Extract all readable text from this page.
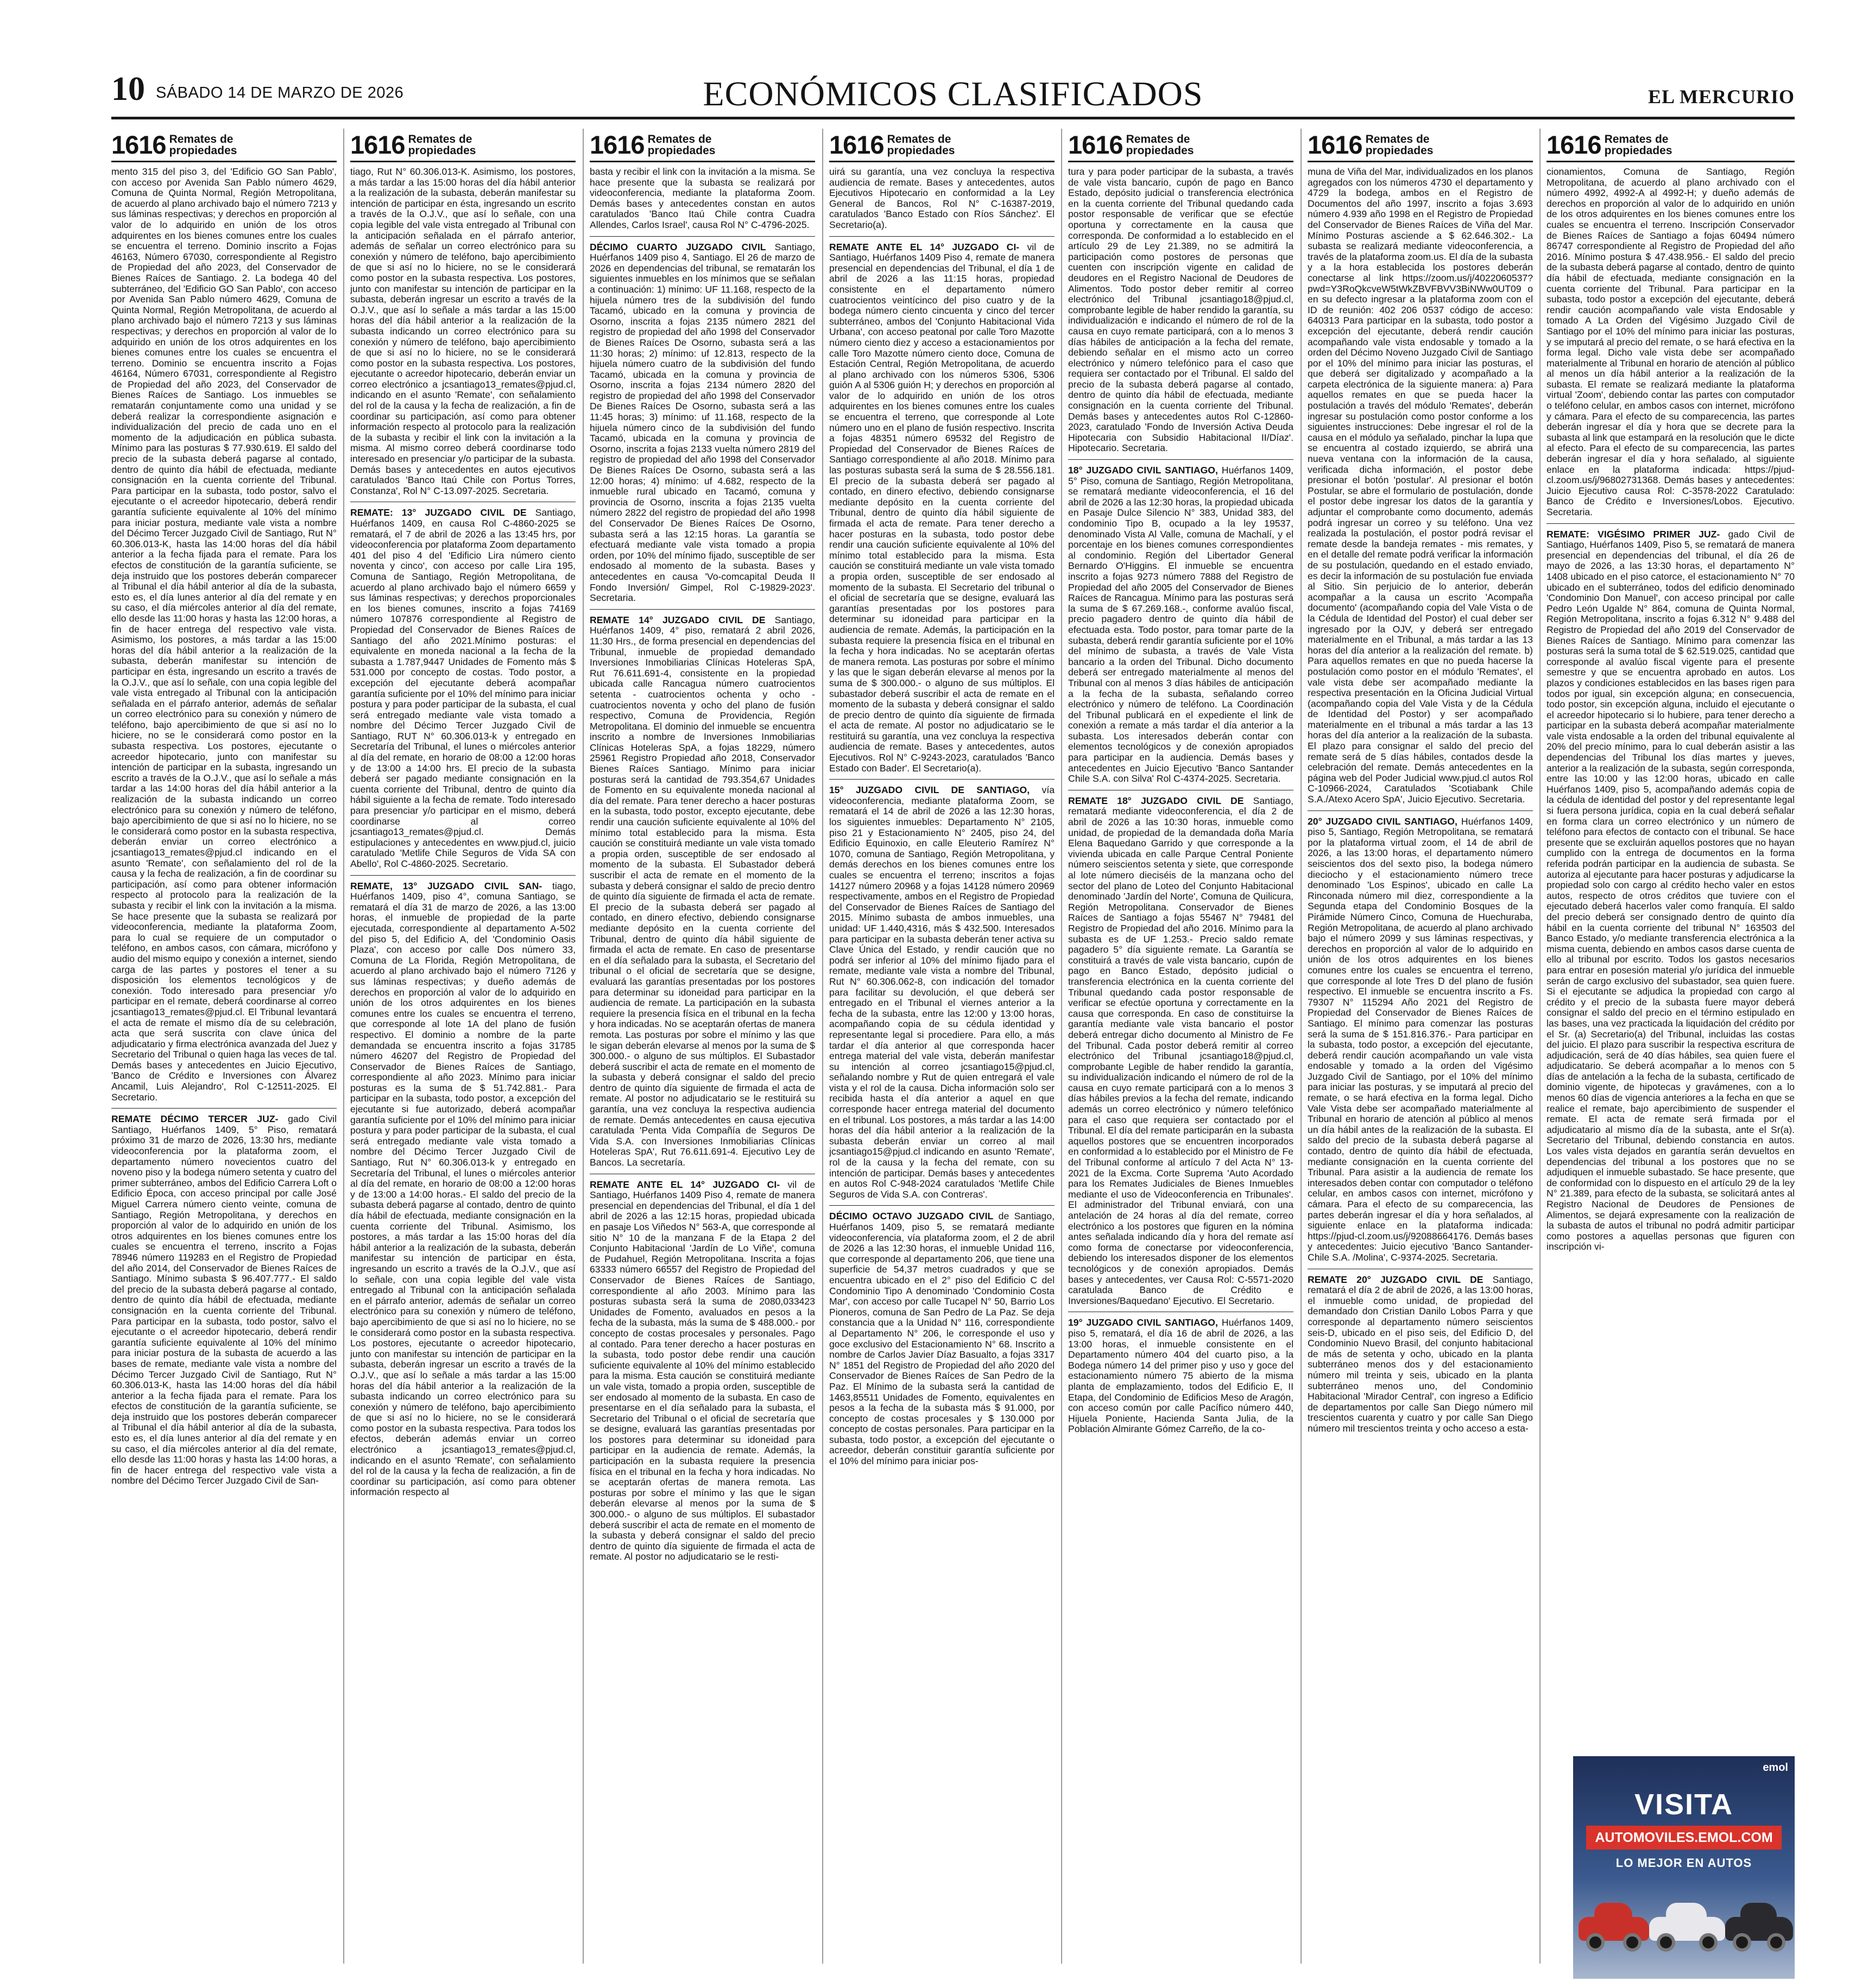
10 SÁBADO 14 DE MARZO DE 2026	ECONÓMICOS CLASIFICADOS	EL MERCURIO
1616 Remates de propiedades

mento 315 del piso 3, del 'Edificio GO San Pablo', con acceso por Avenida San Pablo número 4629, Comuna de Quinta Normal, Región Metropolitana, de acuerdo al plano archivado bajo el número 7213 y sus láminas respectivas; y derechos en proporción al valor de lo adquirido en unión de los otros adquirentes en los bienes comunes entre los cuales se encuentra el terreno. Dominio inscrito a Fojas 46163, Número 67030, correspondiente al Registro de Propiedad del año 2023, del Conservador de Bienes Raíces de Santiago. 2. La bodega 40 del subterráneo, del 'Edificio GO San Pablo', con acceso por Avenida San Pablo número 4629, Comuna de Quinta Normal, Región Metropolitana, de acuerdo al plano archivado bajo el número 7213 y sus láminas respectivas; y derechos en proporción al valor de lo adquirido en unión de los otros adquirentes en los bienes comunes entre los cuales se encuentra el terreno. Dominio se encuentra inscrito a Fojas 46164, Número 67031, correspondiente al Registro de Propiedad del año 2023, del Conservador de Bienes Raíces de Santiago. Los inmuebles se rematarán conjuntamente como una unidad y se deberá realizar la correspondiente asignación e individualización del precio de cada uno en el momento de la adjudicación en pública subasta. Mínimo para las posturas $ 77.930.619. El saldo del precio de la subasta deberá pagarse al contado, dentro de quinto día hábil de efectuada, mediante consignación en la cuenta corriente del Tribunal. Para participar en la subasta, todo postor, salvo el ejecutante o el acreedor hipotecario, deberá rendir garantía suficiente equivalente al 10% del mínimo para iniciar postura, mediante vale vista a nombre del Décimo Tercer Juzgado Civil de Santiago, Rut N° 60.306.013-K, hasta las 14:00 horas del día hábil anterior a la fecha fijada para el remate. Para los efectos de constitución de la garantía suficiente, se deja instruido que los postores deberán comparecer al Tribunal el día hábil anterior al día de la subasta, esto es, el día lunes anterior al día del remate y en su caso, el día miércoles anterior al día del remate, ello desde las 11:00 horas y hasta las 12:00 horas, a fin de hacer entrega del respectivo vale vista. Asimismo, los postores, a más tardar a las 15:00 horas del día hábil anterior a la realización de la subasta, deberán manifestar su intención de participar en ésta, ingresando un escrito a través de la O.J.V., que así lo señale, con una copia legible del vale vista entregado al Tribunal con la anticipación señalada en el párrafo anterior, además de señalar un correo electrónico para su conexión y número de teléfono, bajo apercibimiento de que si así no lo hiciere, no se le considerará como postor en la subasta respectiva. Los postores, ejecutante o acreedor hipotecario, junto con manifestar su intención de participar en la subasta, ingresando un escrito a través de la O.J.V., que así lo señale a más tardar a las 14:00 horas del día hábil anterior a la realización de la subasta indicando un correo electrónico para su conexión y número de teléfono, bajo apercibimiento de que si así no lo hiciere, no se le considerará como postor en la subasta respectiva, deberán enviar un correo electrónico a jcsantiago13_remates@pjud.cl indicando en el asunto 'Remate', con señalamiento del rol de la causa y la fecha de realización, a fin de coordinar su participación, así como para obtener información respecto al protocolo para la realización de la subasta y recibir el link con la invitación a la misma. Se hace presente que la subasta se realizará por videoconferencia, mediante la plataforma Zoom, para lo cual se requiere de un computador o teléfono, en ambos casos, con cámara, micrófono y audio del mismo equipo y conexión a internet, siendo carga de las partes y postores el tener a su disposición los elementos tecnológicos y de conexión. Todo interesado para presenciar y/o participar en el remate, deberá coordinarse al correo jcsantiago13_remates@pjud.cl. El Tribunal levantará el acta de remate el mismo día de su celebración, acta que será suscrita con clave única del adjudicatario y firma electrónica avanzada del Juez y Secretario del Tribunal o quien haga las veces de tal. Demás bases y antecedentes en Juicio Ejecutivo, 'Banco de Crédito e Inversiones con Álvarez Ancamil, Luis Alejandro', Rol C-12511-2025. El Secretario.

REMATE DÉCIMO TERCER JUZ- gado Civil Santiago, Huérfanos 1409, 5° Piso, rematará próximo 31 de marzo de 2026, 13:30 hrs, mediante videoconferencia por la plataforma zoom, el departamento número novecientos cuatro del noveno piso y la bodega número setenta y cuatro del primer subterráneo, ambos del Edificio Carrera Loft o Edificio Época, con acceso principal por calle José Miguel Carrera número ciento veinte, comuna de Santiago, Región Metropolitana, y derechos en proporción al valor de lo adquirido en unión de los otros adquirentes en los bienes comunes entre los cuales se encuentra el terreno, inscrito a Fojas 78946 número 119283 en el Registro de Propiedad del año 2014, del Conservador de Bienes Raíces de Santiago. Mínimo subasta $ 96.407.777.- El saldo del precio de la subasta deberá pagarse al contado, dentro de quinto día hábil de efectuada, mediante consignación en la cuenta corriente del Tribunal. Para participar en la subasta, todo postor, salvo el ejecutante o el acreedor hipotecario, deberá rendir garantía suficiente equivalente al 10% del mínimo para iniciar postura de la subasta de acuerdo a las bases de remate, mediante vale vista a nombre del Décimo Tercer Juzgado Civil de Santiago, Rut N° 60.306.013-K, hasta las 14:00 horas del día hábil anterior a la fecha fijada para el remate. Para los efectos de constitución de la garantía suficiente, se deja instruido que los postores deberán comparecer al Tribunal el día hábil anterior al día de la subasta, esto es, el día lunes anterior al día del remate y en su caso, el día miércoles anterior al día del remate, ello desde las 11:00 horas y hasta las 14:00 horas, a fin de hacer entrega del respectivo vale vista a nombre del Décimo Tercer Juzgado Civil de San-

1616 Remates de propiedades

tiago, Rut N° 60.306.013-K. Asimismo, los postores, a más tardar a las 15:00 horas del día hábil anterior a la realización de la subasta, deberán manifestar su intención de participar en ésta, ingresando un escrito a través de la O.J.V., que así lo señale, con una copia legible del vale vista entregado al Tribunal con la anticipación señalada en el párrafo anterior, además de señalar un correo electrónico para su conexión y número de teléfono, bajo apercibimiento de que si así no lo hiciere, no se le considerará como postor en la subasta respectiva. Los postores, junto con manifestar su intención de participar en la subasta, deberán ingresar un escrito a través de la O.J.V., que así lo señale a más tardar a las 15:00 horas del día hábil anterior a la realización de la subasta indicando un correo electrónico para su conexión y número de teléfono, bajo apercibimiento de que si así no lo hiciere, no se le considerará como postor en la subasta respectiva. Los postores, ejecutante o acreedor hipotecario, deberán enviar un correo electrónico a jcsantiago13_remates@pjud.cl, indicando en el asunto 'Remate', con señalamiento del rol de la causa y la fecha de realización, a fin de coordinar su participación, así como para obtener información respecto al protocolo para la realización de la subasta y recibir el link con la invitación a la misma. Al mismo correo deberá coordinarse todo interesado en presenciar y/o participar de la subasta. Demás bases y antecedentes en autos ejecutivos caratulados 'Banco Itaú Chile con Portus Torres, Constanza', Rol N° C-13.097-2025. Secretaria.

REMATE: 13° JUZGADO CIVIL DE Santiago, Huérfanos 1409, en causa Rol C-4860-2025 se rematará, el 7 de abril de 2026 a las 13:45 hrs, por videoconferencia por plataforma Zoom departamento 401 del piso 4 del 'Edificio Lira número ciento noventa y cinco', con acceso por calle Lira 195, Comuna de Santiago, Región Metropolitana, de acuerdo al plano archivado bajo el número 6659 y sus láminas respectivas; y derechos proporcionales en los bienes comunes, inscrito a fojas 74169 número 107876 correspondiente al Registro de Propiedad del Conservador de Bienes Raíces de Santiago del año 2021.Mínimo posturas: el equivalente en moneda nacional a la fecha de la subasta a 1.787,9447 Unidades de Fomento más $ 531.000 por concepto de costas. Todo postor, a excepción del ejecutante deberá acompañar garantía suficiente por el 10% del mínimo para iniciar postura y para poder participar de la subasta, el cual será entregado mediante vale vista tomado a nombre del Décimo Tercer Juzgado Civil de Santiago, RUT N° 60.306.013-k y entregado en Secretaría del Tribunal, el lunes o miércoles anterior al día del remate, en horario de 08:00 a 12:00 horas y de 13:00 a 14:00 hrs. El precio de la subasta deberá ser pagado mediante consignación en la cuenta corriente del Tribunal, dentro de quinto día hábil siguiente a la fecha de remate. Todo interesado para presenciar y/o participar en el mismo, deberá coordinarse al correo jcsantiago13_remates@pjud.cl. Demás estipulaciones y antecedentes en www.pjud.cl, juicio caratulado 'Metlife Chile Seguros de Vida SA con Abello', Rol C-4860-2025. Secretario.

REMATE, 13° JUZGADO CIVIL SAN- tiago, Huérfanos 1409, piso 4°, comuna Santiago, se rematará el día 31 de marzo de 2026, a las 13:00 horas, el inmueble de propiedad de la parte ejecutada, correspondiente al departamento A-502 del piso 5, del Edificio A, del 'Condominio Oasis Plaza', con acceso por calle Dos número 33, Comuna de La Florida, Región Metropolitana, de acuerdo al plano archivado bajo el número 7126 y sus láminas respectivas; y dueño además de derechos en proporción al valor de lo adquirido en unión de los otros adquirentes en los bienes comunes entre los cuales se encuentra el terreno, que corresponde al lote 1A del plano de fusión respectivo. El dominio a nombre de la parte demandada se encuentra inscrito a fojas 31785 número 46207 del Registro de Propiedad del Conservador de Bienes Raíces de Santiago, correspondiente al año 2023. Mínimo para iniciar posturas es la suma de $ 51.742.881.- Para participar en la subasta, todo postor, a excepción del ejecutante si fue autorizado, deberá acompañar garantía suficiente por el 10% del mínimo para iniciar postura y para poder participar de la subasta, el cual será entregado mediante vale vista tomado a nombre del Décimo Tercer Juzgado Civil de Santiago, Rut N° 60.306.013-k y entregado en Secretaría del Tribunal, el lunes o miércoles anterior al día del remate, en horario de 08:00 a 12:00 horas y de 13:00 a 14:00 horas.- El saldo del precio de la subasta deberá pagarse al contado, dentro de quinto día hábil de efectuada, mediante consignación en la cuenta corriente del Tribunal. Asimismo, los postores, a más tardar a las 15:00 horas del día hábil anterior a la realización de la subasta, deberán manifestar su intención de participar en ésta, ingresando un escrito a través de la O.J.V., que así lo señale, con una copia legible del vale vista entregado al Tribunal con la anticipación señalada en el párrafo anterior, además de señalar un correo electrónico para su conexión y número de teléfono, bajo apercibimiento de que si así no lo hiciere, no se le considerará como postor en la subasta respectiva. Los postores, ejecutante o acreedor hipotecario, junto con manifestar su intención de participar en la subasta, deberán ingresar un escrito a través de la O.J.V., que así lo señale a más tardar a las 15:00 horas del día hábil anterior a la realización de la subasta indicando un correo electrónico para su conexión y número de teléfono, bajo apercibimiento de que si así no lo hiciere, no se le considerará como postor en la subasta respectiva. Para todos los efectos, deberán además enviar un correo electrónico a jcsantiago13_remates@pjud.cl, indicando en el asunto 'Remate', con señalamiento del rol de la causa y la fecha de realización, a fin de coordinar su participación, así como para obtener información respecto al

1616 Remates de propiedades

basta y recibir el link con la invitación a la misma. Se hace presente que la subasta se realizará por videoconferencia, mediante la plataforma Zoom. Demás bases y antecedentes constan en autos caratulados 'Banco Itaú Chile contra Cuadra Allendes, Carlos Israel', causa Rol N° C-4796-2025.

DÉCIMO CUARTO JUZGADO CIVIL Santiago, Huérfanos 1409 piso 4, Santiago. El 26 de marzo de 2026 en dependencias del tribunal, se rematarán los siguientes inmuebles en los mínimos que se señalan a continuación: 1) mínimo: UF 11.168, respecto de la hijuela número tres de la subdivisión del fundo Tacamó, ubicado en la comuna y provincia de Osorno, inscrita a fojas 2135 número 2821 del registro de propiedad del año 1998 del Conservador de Bienes Raíces De Osorno, subasta será a las 11:30 horas; 2) mínimo: uf 12.813, respecto de la hijuela número cuatro de la subdivisión del fundo Tacamó, ubicada en la comuna y provincia de Osorno, inscrita a fojas 2134 número 2820 del registro de propiedad del año 1998 del Conservador De Bienes Raíces De Osorno, subasta será a las 11:45 horas; 3) mínimo: uf 11.168, respecto de la hijuela número cinco de la subdivisión del fundo Tacamó, ubicada en la comuna y provincia de Osorno, inscrita a fojas 2133 vuelta número 2819 del registro de propiedad del año 1998 del Conservador De Bienes Raíces De Osorno, subasta será a las 12:00 horas; 4) mínimo: uf 4.682, respecto de la inmueble rural ubicado en Tacamó, comuna y provincia de Osorno, inscrita a fojas 2135 vuelta número 2822 del registro de propiedad del año 1998 del Conservador De Bienes Raíces De Osorno, subasta será a las 12:15 horas. La garantía se efectuará mediante vale vista tomado a propia orden, por 10% del mínimo fijado, susceptible de ser endosado al momento de la subasta. Bases y antecedentes en causa 'Vo-comcapital Deuda II Fondo Inversión/ Gimpel, Rol C-19829-2023'. Secretaria.

REMATE 14° JUZGADO CIVIL DE Santiago, Huérfanos 1409, 4° piso, rematará 2 abril 2026, 11:30 Hrs., de forma presencial en dependencias del Tribunal, inmueble de propiedad demandado Inversiones Inmobiliarias Clínicas Hoteleras SpA, Rut 76.611.691-4, consistente en la propiedad ubicada calle Rancagua número cuatrocientos setenta - cuatrocientos ochenta y ocho - cuatrocientos noventa y ocho del plano de fusión respectivo, Comuna de Providencia, Región Metropolitana. El dominio del inmueble se encuentra inscrito a nombre de Inversiones Inmobiliarias Clínicas Hoteleras SpA, a fojas 18229, número 25961 Registro Propiedad año 2018, Conservador Bienes Raíces Santiago. Mínimo para iniciar posturas será la cantidad de 793.354,67 Unidades de Fomento en su equivalente moneda nacional al día del remate. Para tener derecho a hacer posturas en la subasta, todo postor, excepto ejecutante, debe rendir una caución suficiente equivalente al 10% del mínimo total establecido para la misma. Esta caución se constituirá mediante un vale vista tomado a propia orden, susceptible de ser endosado al momento de la subasta. El Subastador deberá suscribir el acta de remate en el momento de la subasta y deberá consignar el saldo de precio dentro de quinto día siguiente de firmada el acta de remate. El precio de la subasta deberá ser pagado al contado, en dinero efectivo, debiendo consignarse mediante depósito en la cuenta corriente del Tribunal, dentro de quinto día hábil siguiente de firmada el acta de remate. En caso de presentarse en el día señalado para la subasta, el Secretario del tribunal o el oficial de secretaría que se designe, evaluará las garantías presentadas por los postores para determinar su idoneidad para participar en la audiencia de remate. La participación en la subasta requiere la presencia física en el tribunal en la fecha y hora indicadas. No se aceptarán ofertas de manera remota. Las posturas por sobre el mínimo y las que le sigan deberán elevarse al menos por la suma de $ 300.000.- o alguno de sus múltiplos. El Subastador deberá suscribir el acta de remate en el momento de la subasta y deberá consignar el saldo del precio dentro de quinto día siguiente de firmada el acta de remate. Al postor no adjudicatario se le restituirá su garantía, una vez concluya la respectiva audiencia de remate. Demás antecedentes en causa ejecutiva caratulada 'Penta Vida Compañía de Seguros De Vida S.A. con Inversiones Inmobiliarias Clínicas Hoteleras SpA', Rut 76.611.691-4. Ejecutivo Ley de Bancos. La secretaría.

REMATE ANTE EL 14° JUZGADO CI- vil de Santiago, Huérfanos 1409 Piso 4, remate de manera presencial en dependencias del Tribunal, el día 1 del abril de 2026 a las 12:15 horas, propiedad ubicada en pasaje Los Viñedos N° 563-A, que corresponde al sitio N° 10 de la manzana F de la Etapa 2 del Conjunto Habitacional 'Jardín de Lo Viñe', comuna de Pudahuel, Región Metropolitana. Inscrita a fojas 63333 número 66557 del Registro de Propiedad del Conservador de Bienes Raíces de Santiago, correspondiente al año 2003. Mínimo para las posturas subasta será la suma de 2080,033423 Unidades de Fomento, avaluados en pesos a la fecha de la subasta, más la suma de $ 488.000.- por concepto de costas procesales y personales. Pago al contado. Para tener derecho a hacer posturas en la subasta, todo postor debe rendir una caución suficiente equivalente al 10% del mínimo establecido para la misma. Esta caución se constituirá mediante un vale vista, tomado a propia orden, susceptible de ser endosado al momento de la subasta. En caso de presentarse en el día señalado para la subasta, el Secretario del Tribunal o el oficial de secretaría que se designe, evaluará las garantías presentadas por los postores para determinar su idoneidad para participar en la audiencia de remate. Además, la participación en la subasta requiere la presencia física en el tribunal en la fecha y hora indicadas. No se aceptarán ofertas de manera remota. Las posturas por sobre el mínimo y las que le sigan deberán elevarse al menos por la suma de $ 300.000.- o alguno de sus múltiplos. El subastador deberá suscribir el acta de remate en el momento de la subasta y deberá consignar el saldo del precio dentro de quinto día siguiente de firmada el acta de remate. Al postor no adjudicatario se le resti-

1616 Remates de propiedades

uirá su garantía, una vez concluya la respectiva audiencia de remate. Bases y antecedentes, autos Ejecutivos Hipotecario en conformidad a la Ley General de Bancos, Rol N° C-16387-2019, caratulados 'Banco Estado con Ríos Sánchez'. El Secretario(a).

REMATE ANTE EL 14° JUZGADO CI- vil de Santiago, Huérfanos 1409 Piso 4, remate de manera presencial en dependencias del Tribunal, el día 1 de abril de 2026 a las 11:15 horas, propiedad consistente en el departamento número cuatrocientos veintícinco del piso cuatro y de la bodega número ciento cincuenta y cinco del tercer subterráneo, ambos del 'Conjunto Habitacional Vida Urbana', con acceso peatonal por calle Toro Mazotte número ciento diez y acceso a estacionamientos por calle Toro Mazotte número ciento doce, Comuna de Estación Central, Región Metropolitana, de acuerdo al plano archivado con los números 5306, 5306 guión A al 5306 guión H; y derechos en proporción al valor de lo adquirido en unión de los otros adquirentes en los bienes comunes entre los cuales se encuentra el terreno, que corresponde al Lote número uno en el plano de fusión respectivo. Inscrita a fojas 48351 número 69532 del Registro de Propiedad del Conservador de Bienes Raíces de Santiago correspondiente al año 2018. Mínimo para las posturas subasta será la suma de $ 28.556.181. El precio de la subasta deberá ser pagado al contado, en dinero efectivo, debiendo consignarse mediante depósito en la cuenta corriente del Tribunal, dentro de quinto día hábil siguiente de firmada el acta de remate. Para tener derecho a hacer posturas en la subasta, todo postor debe rendir una caución suficiente equivalente al 10% del mínimo total establecido para la misma. Esta caución se constituirá mediante un vale vista tomado a propia orden, susceptible de ser endosado al momento de la subasta. El Secretario del tribunal o el oficial de secretaría que se designe, evaluará las garantías presentadas por los postores para determinar su idoneidad para participar en la audiencia de remate. Además, la participación en la subasta requiere la presencia física en el tribunal en la fecha y hora indicadas. No se aceptarán ofertas de manera remota. Las posturas por sobre el mínimo y las que le sigan deberán elevarse al menos por la suma de $ 300.000.- o alguno de sus múltiplos. El subastador deberá suscribir el acta de remate en el momento de la subasta y deberá consignar el saldo de precio dentro de quinto día siguiente de firmada el acta de remate. Al postor no adjudicatario se le restituirá su garantía, una vez concluya la respectiva audiencia de remate. Bases y antecedentes, autos Ejecutivos. Rol N° C-9243-2023, caratulados 'Banco Estado con Bader'. El Secretario(a).

15° JUZGADO CIVIL DE SANTIAGO, vía videoconferencia, mediante plataforma Zoom, se rematará el 14 de abril de 2026 a las 12:30 horas, los siguientes inmuebles: Departamento N° 2105, piso 21 y Estacionamiento N° 2405, piso 24, del Edificio Equinoxio, en calle Eleuterio Ramírez N° 1070, comuna de Santiago, Región Metropolitana, y demás derechos en los bienes comunes entre los cuales se encuentra el terreno; inscritos a fojas 14127 número 20968 y a fojas 14128 número 20969 respectivamente, ambos en el Registro de Propiedad del Conservador de Bienes Raíces de Santiago del 2015. Mínimo subasta de ambos inmuebles, una unidad: UF 1.440,4316, más $ 432.500. Interesados para participar en la subasta deberán tener activa su Clave Única del Estado, y rendir caución que no podrá ser inferior al 10% del mínimo fijado para el remate, mediante vale vista a nombre del Tribunal, Rut N° 60.306.062-8, con indicación del tomador para facilitar su devolución, el que deberá ser entregado en el Tribunal el viernes anterior a la fecha de la subasta, entre las 12:00 y 13:00 horas, acompañando copia de su cédula identidad y representante legal si procediere. Para ello, a más tardar el día anterior al que corresponda hacer entrega material del vale vista, deberán manifestar su intención al correo jcsantiago15@pjud.cl, señalando nombre y Rut de quien entregará el vale vista y el rol de la causa. Dicha información solo ser recibida hasta el día anterior a aquel en que corresponde hacer entrega material del documento en el tribunal. Los postores, a más tardar a las 14:00 horas del día hábil anterior a la realización de la subasta deberán enviar un correo al mail jcsantiago15@pjud.cl indicando en asunto 'Remate', rol de la causa y la fecha del remate, con su intención de participar. Demás bases y antecedentes en autos Rol C-948-2024 caratulados 'Metlife Chile Seguros de Vida S.A. con Contreras'.

DÉCIMO OCTAVO JUZGADO CIVIL de Santiago, Huérfanos 1409, piso 5, se rematará mediante videoconferencia, vía plataforma zoom, el 2 de abril de 2026 a las 12:30 horas, el inmueble Unidad 116, que corresponde al departamento 206, que tiene una superficie de 54,37 metros cuadrados y que se encuentra ubicado en el 2° piso del Edificio C del Condominio Tipo A denominado 'Condominio Costa Mar', con acceso por calle Tucapel N° 50, Barrio Los Pioneros, comuna de San Pedro de La Paz. Se deja constancia que a la Unidad N° 116, correspondiente al Departamento N° 206, le corresponde el uso y goce exclusivo del Estacionamiento N° 68. Inscrito a nombre de Carlos Javier Díaz Basualto, a fojas 3317 N° 1851 del Registro de Propiedad del año 2020 del Conservador de Bienes Raíces de San Pedro de la Paz. El Mínimo de la subasta será la cantidad de 1463,85511 Unidades de Fomento, equivalentes en pesos a la fecha de la subasta más $ 91.000, por concepto de costas procesales y $ 130.000 por concepto de costas personales. Para participar en la subasta, todo postor, a excepción del ejecutante o acreedor, deberán constituir garantía suficiente por el 10% del mínimo para iniciar pos-

1616 Remates de propiedades

tura y para poder participar de la subasta, a través de vale vista bancario, cupón de pago en Banco Estado, depósito judicial o transferencia electrónica en la cuenta corriente del Tribunal quedando cada postor responsable de verificar que se efectúe oportuna y correctamente en la causa que corresponda. De conformidad a lo establecido en el artículo 29 de Ley 21.389, no se admitirá la participación como postores de personas que cuenten con inscripción vigente en calidad de deudores en el Registro Nacional de Deudores de Alimentos. Todo postor deber remitir al correo electrónico del Tribunal jcsantiago18@pjud.cl, comprobante legible de haber rendido la garantía, su individualización e indicando el número de rol de la causa en cuyo remate participará, con a lo menos 3 días hábiles de anticipación a la fecha del remate, debiendo señalar en el mismo acto un correo electrónico y número telefónico para el caso que requiera ser contactado por el Tribunal. El saldo del precio de la subasta deberá pagarse al contado, dentro de quinto día hábil de efectuada, mediante consignación en la cuenta corriente del Tribunal. Demás bases y antecedentes autos Rol C-12860-2023, caratulado 'Fondo de Inversión Activa Deuda Hipotecaria con Subsidio Habitacional II/Díaz'. Hipotecario. Secretaria.

18° JUZGADO CIVIL SANTIAGO, Huérfanos 1409, 5° Piso, comuna de Santiago, Región Metropolitana, se rematará mediante videoconferencia, el 16 del abril de 2026 a las 12:30 horas, la propiedad ubicada en Pasaje Dulce Silencio N° 383, Unidad 383, del condominio Tipo B, ocupado a la ley 19537, denominado Vista Al Valle, comuna de Machalí, y el porcentaje en los bienes comunes correspondientes al condominio. Región del Libertador General Bernardo O'Higgins. El inmueble se encuentra inscrito a fojas 9273 número 7888 del Registro de Propiedad del año 2005 del Conservador de Bienes Raíces de Rancagua. Mínimo para las posturas será la suma de $ 67.269.168.-, conforme avalúo fiscal, precio pagadero dentro de quinto día hábil de efectuada esta. Todo postor, para tomar parte de la subasta, deberá rendir garantía suficiente por el 10% del mínimo de subasta, a través de Vale Vista bancario a la orden del Tribunal. Dicho documento deberá ser entregado materialmente al menos del Tribunal con al menos 3 días hábiles de anticipación a la fecha de la subasta, señalando correo electrónico y número de teléfono. La Coordinación del Tribunal publicará en el expediente el link de conexión a remate a más tardar el día anterior a la subasta. Los interesados deberán contar con elementos tecnológicos y de conexión apropiados para participar en la audiencia. Demás bases y antecedentes en Juicio Ejecutivo 'Banco Santander Chile S.A. con Silva' Rol C-4374-2025. Secretaria.

REMATE 18° JUZGADO CIVIL DE Santiago, rematará mediante videoconferencia, el día 2 de abril de 2026 a las 10:30 horas, inmueble como unidad, de propiedad de la demandada doña María Elena Baquedano Garrido y que corresponde a la vivienda ubicada en calle Parque Central Poniente número seiscientos setenta y siete, que corresponde al lote número dieciséis de la manzana ocho del sector del plano de Loteo del Conjunto Habitacional denominado 'Jardín del Norte', Comuna de Quilicura, Región Metropolitana. Conservador de Bienes Raíces de Santiago a fojas 55467 N° 79481 del Registro de Propiedad del año 2016. Mínimo para la subasta es de UF 1.253.- Precio saldo remate pagadero 5° día siguiente remate. La Garantía se constituirá a través de vale vista bancario, cupón de pago en Banco Estado, depósito judicial o transferencia electrónica en la cuenta corriente del Tribunal quedando cada postor responsable de verificar se efectúe oportuna y correctamente en la causa que corresponda. En caso de constituirse la garantía mediante vale vista bancario el postor deberá entregar dicho documento al Ministro de Fe del Tribunal. Cada postor deberá remitir al correo electrónico del Tribunal jcsantiago18@pjud.cl, comprobante Legible de haber rendido la garantía, su individualización indicando el número de rol de la causa en cuyo remate participará con a lo menos 3 días hábiles previos a la fecha del remate, indicando además un correo electrónico y número telefónico para el caso que requiera ser contactado por el Tribunal. El día del remate participarán en la subasta aquellos postores que se encuentren incorporados en conformidad a lo establecido por el Ministro de Fe del Tribunal conforme al artículo 7 del Acta N° 13-2021 de la Excma. Corte Suprema 'Auto Acordado para los Remates Judiciales de Bienes Inmuebles mediante el uso de Videoconferencia en Tribunales'. El administrador del Tribunal enviará, con una antelación de 24 horas al día del remate, correo electrónico a los postores que figuren en la nómina antes señalada indicando día y hora del remate así como forma de conectarse por videoconferencia, debiendo los interesados disponer de los elementos tecnológicos y de conexión apropiados. Demás bases y antecedentes, ver Causa Rol: C-5571-2020 caratulada Banco de Crédito e Inversiones/Baquedano' Ejecutivo. El Secretario.

19° JUZGADO CIVIL SANTIAGO, Huérfanos 1409, piso 5, rematará, el día 16 de abril de 2026, a las 13:00 horas, el inmueble consistente en el Departamento número 404 del cuarto piso, a la Bodega número 14 del primer piso y uso y goce del estacionamiento número 75 abierto de la misma planta de emplazamiento, todos del Edificio E, II Etapa, del Condominio de Edificios Meso de Aragón, con acceso común por calle Pacífico número 440, Hijuela Poniente, Hacienda Santa Julia, de la Población Almirante Gómez Carreño, de la co-

1616 Remates de propiedades

muna de Viña del Mar, individualizados en los planos agregados con los números 4730 el departamento y 4729 la bodega, ambos en el Registro de Documentos del año 1997, inscrito a fojas 3.693 número 4.939 año 1998 en el Registro de Propiedad del Conservador de Bienes Raíces de Viña del Mar. Mínimo Posturas asciende a $ 62.646.302.- La subasta se realizará mediante videoconferencia, a través de la plataforma zoom.us. El día de la subasta y a la hora establecida los postores deberán conectarse al link https://zoom.us/j/4022060537?pwd=Y3RoQkcveW5tWkZBVFBVV3BiNWw0UT09 o en su defecto ingresar a la plataforma zoom con el ID de reunión: 402 206 0537 código de acceso: 640313 Para participar en la subasta, todo postor a excepción del ejecutante, deberá rendir caución acompañando vale vista endosable y tomado a la orden del Décimo Noveno Juzgado Civil de Santiago por el 10% del mínimo para iniciar las posturas, el que deberá ser digitalizado y acompañado a la carpeta electrónica de la siguiente manera: a) Para aquellos remates en que se pueda hacer la postulación a través del módulo 'Remates', deberán ingresar su postulación como postor conforme a los siguientes instrucciones: Debe ingresar el rol de la causa en el módulo ya señalado, pinchar la lupa que se encuentra al costado izquierdo, se abrirá una nueva ventana con la información de la causa, verificada dicha información, el postor debe presionar el botón 'postular'. Al presionar el botón Postular, se abre el formulario de postulación, donde el postor debe ingresar los datos de la garantía y adjuntar el comprobante como documento, además podrá ingresar un correo y su teléfono. Una vez realizada la postulación, el postor podrá revisar el remate desde la bandeja remates - mis remates, y en el detalle del remate podrá verificar la información de su postulación, quedando en el estado enviado, es decir la información de su postulación fue enviada al Sitio. Sin perjuicio de lo anterior, deberán acompañar a la causa un escrito 'Acompaña documento' (acompañando copia del Vale Vista o de la Cédula de Identidad del Postor) el cual deber ser ingresado por la OJV, y deberá ser entregado materialmente en el Tribunal, a más tardar a las 13 horas del día anterior a la realización del remate. b) Para aquellos remates en que no pueda hacerse la postulación como postor en el módulo 'Remates', el vale vista debe ser acompañado mediante la respectiva presentación en la Oficina Judicial Virtual (acompañando copia del Vale Vista y de la Cédula de Identidad del Postor) y ser acompañado materialmente en el tribunal a más tardar a las 13 horas del día anterior a la realización de la subasta. El plazo para consignar el saldo del precio del remate será de 5 días hábiles, contados desde la celebración del remate. Demás antecedentes en la página web del Poder Judicial www.pjud.cl autos Rol C-10966-2024, Caratulados 'Scotiabank Chile S.A./Atexo Acero SpA', Juicio Ejecutivo. Secretaria.

20° JUZGADO CIVIL SANTIAGO, Huérfanos 1409, piso 5, Santiago, Región Metropolitana, se rematará por la plataforma virtual zoom, el 14 de abril de 2026, a las 13:00 horas, el departamento número seiscientos dos del sexto piso, la bodega número dieciocho y el estacionamiento número trece denominado 'Los Espinos', ubicado en calle La Rinconada número mil diez, correspondiente a la Segunda etapa del Condominio Bosques de la Pirámide Número Cinco, Comuna de Huechuraba, Región Metropolitana, de acuerdo al plano archivado bajo el número 2099 y sus láminas respectivas, y derechos en proporción al valor de lo adquirido en unión de los otros adquirentes en los bienes comunes entre los cuales se encuentra el terreno, que corresponde al lote Tres D del plano de fusión respectivo. El inmueble se encuentra inscrito a Fs. 79307 N° 115294 Año 2021 del Registro de Propiedad del Conservador de Bienes Raíces de Santiago. El mínimo para comenzar las posturas será la suma de $ 151.816.376.- Para participar en la subasta, todo postor, a excepción del ejecutante, deberá rendir caución acompañando un vale vista endosable y tomado a la orden del Vigésimo Juzgado Civil de Santiago, por el 10% del mínimo para iniciar las posturas, y se imputará al precio del remate, o se hará efectiva en la forma legal. Dicho Vale Vista debe ser acompañado materialmente al Tribunal en horario de atención al público al menos un día hábil antes de la realización de la subasta. El saldo del precio de la subasta deberá pagarse al contado, dentro de quinto día hábil de efectuada, mediante consignación en la cuenta corriente del Tribunal. Para asistir a la audiencia de remate los interesados deben contar con computador o teléfono celular, en ambos casos con internet, micrófono y cámara. Para el efecto de su comparecencia, las partes deberán ingresar el día y hora señalados, al siguiente enlace en la plataforma indicada: https://pjud-cl.zoom.us/j/92088664176. Demás bases y antecedentes: Juicio ejecutivo 'Banco Santander- Chile S.A. /Molina', C-9374-2025. Secretaria.

REMATE 20° JUZGADO CIVIL DE Santiago, rematará el día 2 de abril de 2026, a las 13:00 horas, el inmueble como unidad, de propiedad del demandado don Cristian Danilo Lobos Parra y que corresponde al departamento número seiscientos seis-D, ubicado en el piso seis, del Edificio D, del Condominio Nuevo Brasil, del conjunto habitacional de más de setenta y ocho, ubicado en la planta subterráneo menos dos y del estacionamiento número mil treinta y seis, ubicado en la planta subterráneo menos uno, del Condominio Habitacional 'Mirador Central', con ingreso a Edificio de departamentos por calle San Diego número mil trescientos cuarenta y cuatro y por calle San Diego número mil trescientos treinta y ocho acceso a esta-

1616 Remates de propiedades

cionamientos, Comuna de Santiago, Región Metropolitana, de acuerdo al plano archivado con el número 4992, 4992-A al 4992-H; y dueño además de derechos en proporción al valor de lo adquirido en unión de los otros adquirentes en los bienes comunes entre los cuales se encuentra el terreno. Inscripción Conservador de Bienes Raíces de Santiago a fojas 60494 número 86747 correspondiente al Registro de Propiedad del año 2016. Mínimo postura $ 47.438.956.- El saldo del precio de la subasta deberá pagarse al contado, dentro de quinto día hábil de efectuada, mediante consignación en la cuenta corriente del Tribunal. Para participar en la subasta, todo postor a excepción del ejecutante, deberá rendir caución acompañando vale vista Endosable y tomado A La Orden del Vigésimo Juzgado Civil de Santiago por el 10% del mínimo para iniciar las posturas, y se imputará al precio del remate, o se hará efectiva en la forma legal. Dicho vale vista debe ser acompañado materialmente al Tribunal en horario de atención al público al menos un día hábil anterior a la realización de la subasta. El remate se realizará mediante la plataforma virtual 'Zoom', debiendo contar las partes con computador o teléfono celular, en ambos casos con internet, micrófono y cámara. Para el efecto de su comparecencia, las partes deberán ingresar el día y hora que se decrete para la subasta al link que estampará en la resolución que le dicte al efecto. Para el efecto de su comparecencia, las partes deberán ingresar el día y hora señalado, al siguiente enlace en la plataforma indicada: https://pjud-cl.zoom.us/j/96802731368. Demás bases y antecedentes: Juicio Ejecutivo causa Rol: C-3578-2022 Caratulado: Banco de Crédito e Inversiones/Lobos. Ejecutivo. Secretaria.

REMATE: VIGÉSIMO PRIMER JUZ- gado Civil de Santiago, Huérfanos 1409, Piso 5, se rematará de manera presencial en dependencias del tribunal, el día 26 de mayo de 2026, a las 13:30 horas, el departamento N° 1408 ubicado en el piso catorce, el estacionamiento N° 70 ubicado en el subterráneo, todos del edificio denominado 'Condominio Don Manuel', con acceso principal por calle Pedro León Ugalde N° 864, comuna de Quinta Normal, Región Metropolitana, inscrito a fojas 6.312 N° 9.488 del Registro de Propiedad del año 2019 del Conservador de Bienes Raíces de Santiago. Mínimo para comenzar las posturas será la suma total de $ 62.519.025, cantidad que corresponde al avalúo fiscal vigente para el presente semestre y que se encuentra aprobado en autos. Los plazos y condiciones establecidos en las bases rigen para todos por igual, sin excepción alguna; en consecuencia, todo postor, sin excepción alguna, incluido el ejecutante o el acreedor hipotecario si lo hubiere, para tener derecho a participar en la subasta deberá acompañar materialmente vale vista endosable a la orden del tribunal equivalente al 20% del precio mínimo, para lo cual deberán asistir a las dependencias del Tribunal los días martes y jueves, anterior a la realización de la subasta, según corresponda, entre las 10:00 y las 12:00 horas, ubicado en calle Huérfanos 1409, piso 5, acompañando además copia de la cédula de identidad del postor y del representante legal si fuera persona jurídica, copia en la cual deberá señalar en forma clara un correo electrónico y un número de teléfono para efectos de contacto con el tribunal. Se hace presente que se excluirán aquellos postores que no hayan cumplido con la entrega de documentos en la forma referida podrán participar en la audiencia de subasta. Se autoriza al ejecutante para hacer posturas y adjudicarse la propiedad solo con cargo al crédito hecho valer en estos autos, respecto de otros créditos que tuviere con el ejecutado deberá hacerlos valer como franquía. El saldo del precio deberá ser consignado dentro de quinto día hábil en la cuenta corriente del tribunal N° 163503 del Banco Estado, y/o mediante transferencia electrónica a la misma cuenta, debiendo en ambos casos darse cuenta de ello al tribunal por escrito. Todos los gastos necesarios para entrar en posesión material y/o jurídica del inmueble serán de cargo exclusivo del subastador, sea quien fuere. Si el ejecutante se adjudica la propiedad con cargo al crédito y el precio de la subasta fuere mayor deberá consignar el saldo del precio en el término estipulado en las bases, una vez practicada la liquidación del crédito por el Sr. (a) Secretario(a) del Tribunal, incluidas las costas del juicio. El plazo para suscribir la respectiva escritura de adjudicación, será de 40 días hábiles, sea quien fuere el adjudicatario. Se deberá acompañar a lo menos con 5 días de antelación a la fecha de la subasta, certificado de dominio vigente, de hipotecas y gravámenes, con a lo menos 60 días de vigencia anteriores a la fecha en que se realice el remate, bajo apercibimiento de suspender el remate. El acta de remate será firmada por el adjudicatario al mismo día de la subasta, ante el Sr(a). Secretario del Tribunal, debiendo constancia en autos. Los vales vista dejados en garantía serán devueltos en dependencias del tribunal a los postores que no se adjudiquen el inmueble subastado. Se hace presente, que de conformidad con lo dispuesto en el artículo 29 de la ley N° 21.389, para efecto de la subasta, se solicitará antes al Registro Nacional de Deudores de Pensiones de Alimentos, se dejará expresamente con la realización de la subasta de autos el tribunal no podrá admitir participar como postores a aquellas personas que figuren con inscripción vi-

emol
VISITA
AUTOMOVILES.EMOL.COM
LO MEJOR EN AUTOS
